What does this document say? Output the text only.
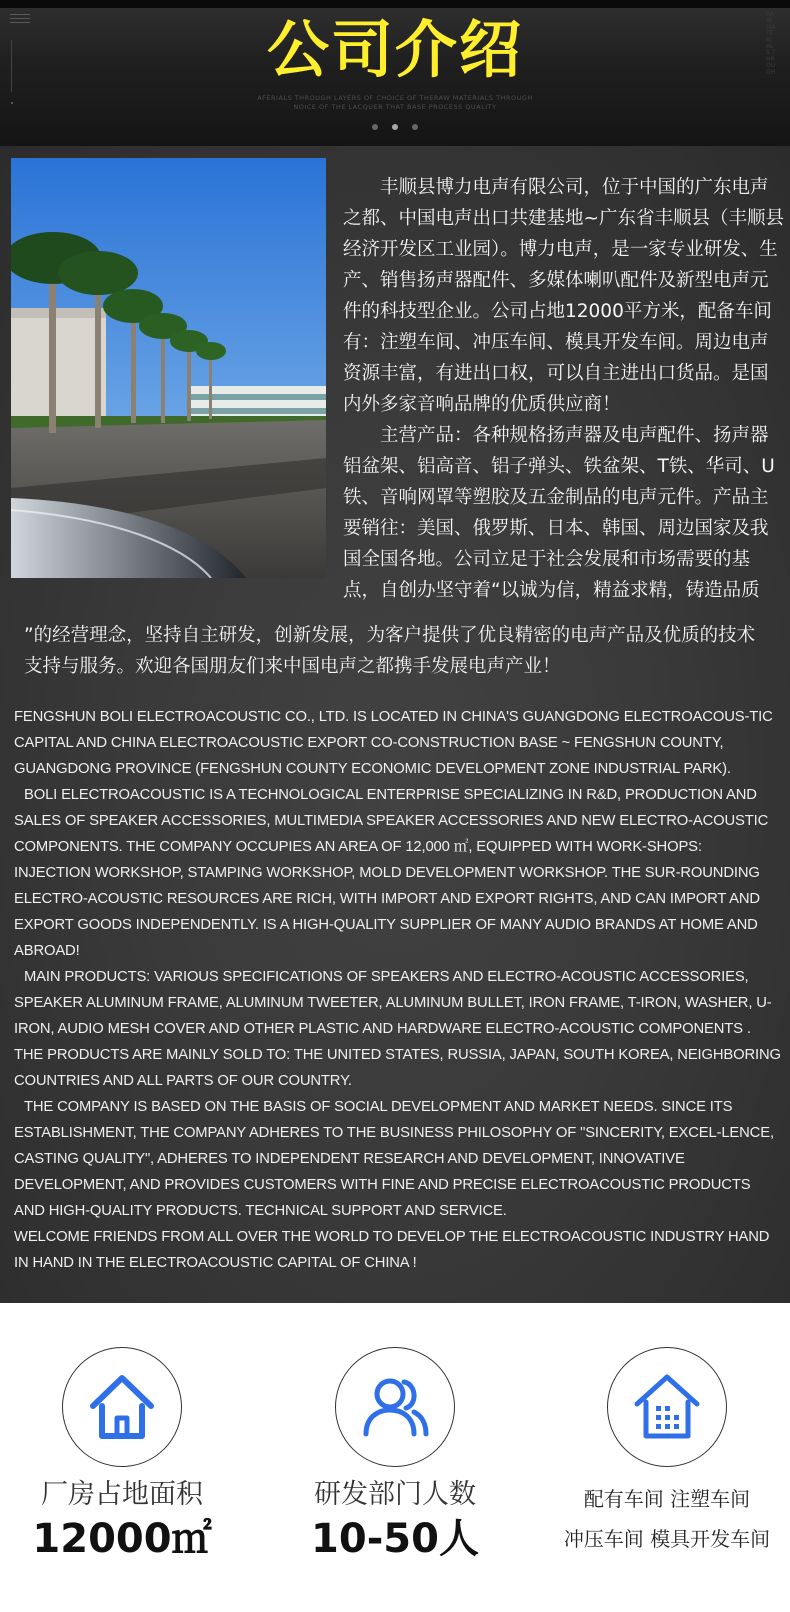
公司介绍
AFERIALS THROUGH LAYERS OF CHOICE OF THERAW MATERIALS THROUGH
NOICE OF THE LACQUER THAT BASE PROCESS QUALITY

RAW MATERIALS THROUGH

丰顺县博力电声有限公司，位于中国的广东电声之都、中国电声出口共建基地~广东省丰顺县（丰顺县经济开发区工业园）。博力电声，是一家专业研发、生产、销售扬声器配件、多媒体喇叭配件及新型电声元件的科技型企业。公司占地12000平方米，配备车间有：注塑车间、冲压车间、模具开发车间。周边电声资源丰富，有进出口权，可以自主进出口货品。是国内外多家音响品牌的优质供应商！

主营产品：各种规格扬声器及电声配件、扬声器铝盆架、铝高音、铝子弹头、铁盆架、T铁、华司、U铁、音响网罩等塑胶及五金制品的电声元件。产品主要销往：美国、俄罗斯、日本、韩国、周边国家及我国全国各地。公司立足于社会发展和市场需要的基点，自创办坚守着“以诚为信，精益求精，铸造品质

”的经营理念，坚持自主研发，创新发展，为客户提供了优良精密的电声产品及优质的技术支持与服务。欢迎各国朋友们来中国电声之都携手发展电声产业！

FENGSHUN BOLI ELECTROACOUSTIC CO., LTD. IS LOCATED IN CHINA'S GUANGDONG ELECTROACOUS-TIC CAPITAL AND CHINA ELECTROACOUSTIC EXPORT CO-CONSTRUCTION BASE ~ FENGSHUN COUNTY, GUANGDONG PROVINCE (FENGSHUN COUNTY ECONOMIC DEVELOPMENT ZONE INDUSTRIAL PARK).

BOLI ELECTROACOUSTIC IS A TECHNOLOGICAL ENTERPRISE SPECIALIZING IN R&D, PRODUCTION AND SALES OF SPEAKER ACCESSORIES, MULTIMEDIA SPEAKER ACCESSORIES AND NEW ELECTRO-ACOUSTIC COMPONENTS. THE COMPANY OCCUPIES AN AREA OF 12,000 ㎡, EQUIPPED WITH WORK-SHOPS: INJECTION WORKSHOP, STAMPING WORKSHOP, MOLD DEVELOPMENT WORKSHOP. THE SUR-ROUNDING ELECTRO-ACOUSTIC RESOURCES ARE RICH, WITH IMPORT AND EXPORT RIGHTS, AND CAN IMPORT AND EXPORT GOODS INDEPENDENTLY. IS A HIGH-QUALITY SUPPLIER OF MANY AUDIO BRANDS AT HOME AND ABROAD!

MAIN PRODUCTS: VARIOUS SPECIFICATIONS OF SPEAKERS AND ELECTRO-ACOUSTIC ACCESSORIES, SPEAKER ALUMINUM FRAME, ALUMINUM TWEETER, ALUMINUM BULLET, IRON FRAME, T-IRON, WASHER, U-IRON, AUDIO MESH COVER AND OTHER PLASTIC AND HARDWARE ELECTRO-ACOUSTIC COMPONENTS . THE PRODUCTS ARE MAINLY SOLD TO: THE UNITED STATES, RUSSIA, JAPAN, SOUTH KOREA, NEIGHBORING COUNTRIES AND ALL PARTS OF OUR COUNTRY.

THE COMPANY IS BASED ON THE BASIS OF SOCIAL DEVELOPMENT AND MARKET NEEDS. SINCE ITS ESTABLISHMENT, THE COMPANY ADHERES TO THE BUSINESS PHILOSOPHY OF "SINCERITY, EXCEL-LENCE, CASTING QUALITY", ADHERES TO INDEPENDENT RESEARCH AND DEVELOPMENT, INNOVATIVE DEVELOPMENT, AND PROVIDES CUSTOMERS WITH FINE AND PRECISE ELECTROACOUSTIC PRODUCTS AND HIGH-QUALITY PRODUCTS. TECHNICAL SUPPORT AND SERVICE.

WELCOME FRIENDS FROM ALL OVER THE WORLD TO DEVELOP THE ELECTROACOUSTIC INDUSTRY HAND IN HAND IN THE ELECTROACOUSTIC CAPITAL OF CHINA !

厂房占地面积
12000㎡
研发部门人数
10-50人
配有车间 注塑车间
冲压车间 模具开发车间
